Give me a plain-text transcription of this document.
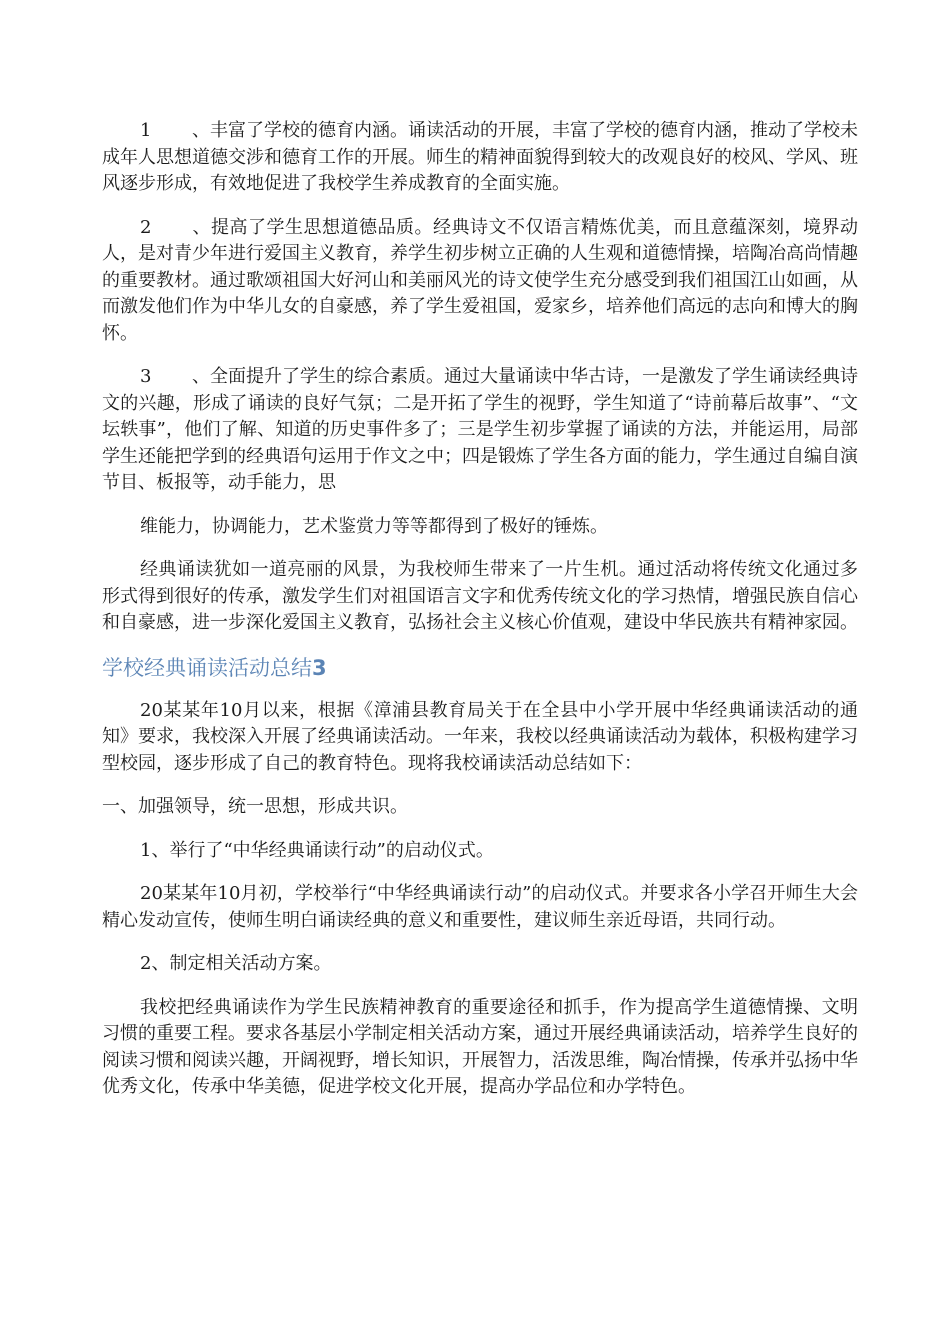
1 、丰富了学校的德育内涵。诵读活动的开展，丰富了学校的德育内涵，推动了学校未成年人思想道德交涉和德育工作的开展。师生的精神面貌得到较大的改观良好的校风、学风、班风逐步形成，有效地促进了我校学生养成教育的全面实施。

2 、提高了学生思想道德品质。经典诗文不仅语言精炼优美，而且意蕴深刻，境界动人，是对青少年进行爱国主义教育，养学生初步树立正确的人生观和道德情操，培陶冶高尚情趣的重要教材。通过歌颂祖国大好河山和美丽风光的诗文使学生充分感受到我们祖国江山如画，从而激发他们作为中华儿女的自豪感，养了学生爱祖国，爱家乡，培养他们高远的志向和博大的胸怀。

3 、全面提升了学生的综合素质。通过大量诵读中华古诗，一是激发了学生诵读经典诗文的兴趣，形成了诵读的良好气氛；二是开拓了学生的视野，学生知道了“诗前幕后故事”、“文坛轶事”，他们了解、知道的历史事件多了；三是学生初步掌握了诵读的方法，并能运用，局部学生还能把学到的经典语句运用于作文之中；四是锻炼了学生各方面的能力，学生通过自编自演节目、板报等，动手能力，思

维能力，协调能力，艺术鉴赏力等等都得到了极好的锤炼。

经典诵读犹如一道亮丽的风景，为我校师生带来了一片生机。通过活动将传统文化通过多形式得到很好的传承，激发学生们对祖国语言文字和优秀传统文化的学习热情，增强民族自信心和自豪感，进一步深化爱国主义教育，弘扬社会主义核心价值观，建设中华民族共有精神家园。

学校经典诵读活动总结3

20某某年10月以来，根据《漳浦县教育局关于在全县中小学开展中华经典诵读活动的通知》要求，我校深入开展了经典诵读活动。一年来，我校以经典诵读活动为载体，积极构建学习型校园，逐步形成了自己的教育特色。现将我校诵读活动总结如下：

一、加强领导，统一思想，形成共识。

1、举行了“中华经典诵读行动”的启动仪式。

20某某年10月初，学校举行“中华经典诵读行动”的启动仪式。并要求各小学召开师生大会精心发动宣传，使师生明白诵读经典的意义和重要性，建议师生亲近母语，共同行动。

2、制定相关活动方案。

我校把经典诵读作为学生民族精神教育的重要途径和抓手，作为提高学生道德情操、文明习惯的重要工程。要求各基层小学制定相关活动方案，通过开展经典诵读活动，培养学生良好的阅读习惯和阅读兴趣，开阔视野，增长知识，开展智力，活泼思维，陶冶情操，传承并弘扬中华优秀文化，传承中华美德，促进学校文化开展，提高办学品位和办学特色。
